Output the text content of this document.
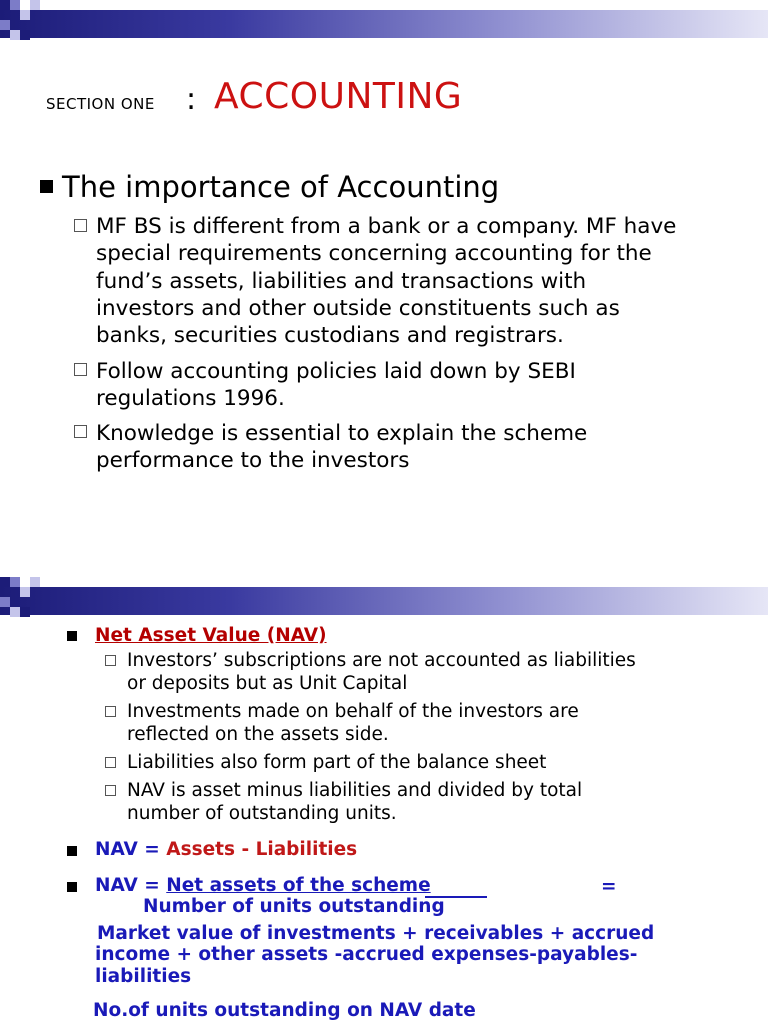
SECTION ONE : ACCOUNTING
The importance of Accounting
MF BS is different from a bank or a company. MF have
special requirements concerning accounting for the
fund’s assets, liabilities and transactions with
investors and other outside constituents such as
banks, securities custodians and registrars.
Follow accounting policies laid down by SEBI
regulations 1996.
Knowledge is essential to explain the scheme
performance to the investors
Net Asset Value (NAV)
Investors’ subscriptions are not accounted as liabilities
or deposits but as Unit Capital
Investments made on behalf of the investors are
reflected on the assets side.
Liabilities also form part of the balance sheet
NAV is asset minus liabilities and divided by total
number of outstanding units.
NAV = Assets - Liabilities
NAV = Net assets of the scheme	=
Number of units outstanding
Market value of investments + receivables + accrued
income + other assets -accrued expenses-payables-
liabilities
No.of units outstanding on NAV date
